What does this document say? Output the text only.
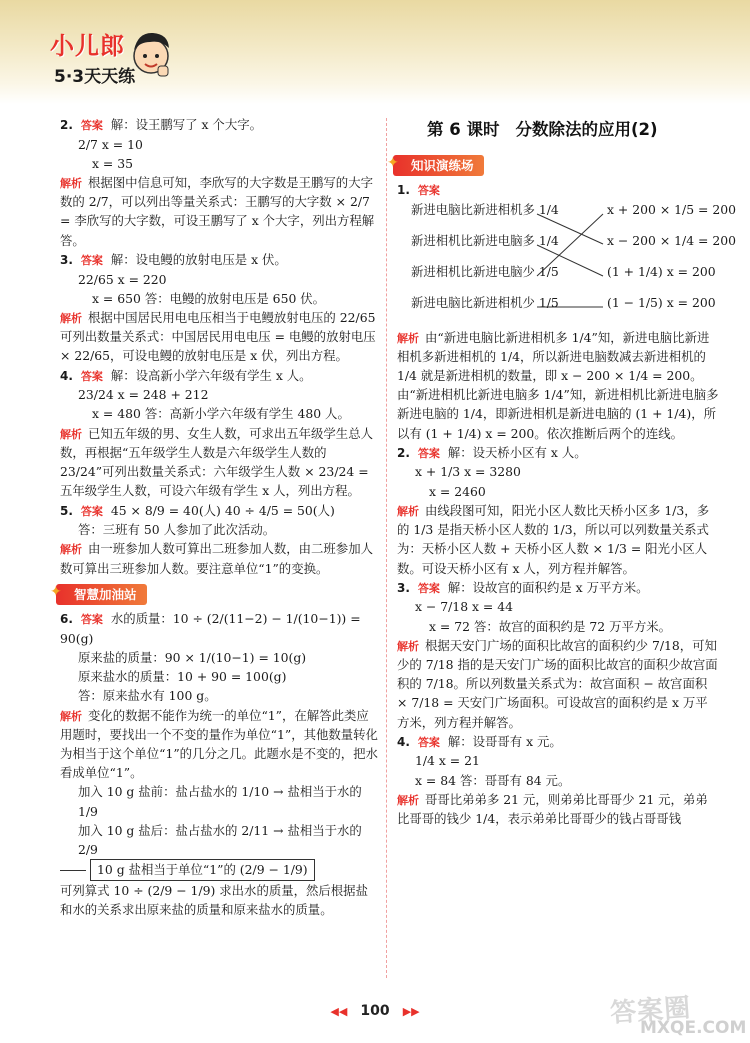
小儿郎
5·3天天练

2. 答案 解：设王鹏写了 x 个大字。

2/7 x = 10

x = 35

解析 根据图中信息可知，李欣写的大字数是王鹏写的大字数的 2/7，可以列出等量关系式：王鹏写的大字数 × 2/7 = 李欣写的大字数，可设王鹏写了 x 个大字，列出方程解答。

3. 答案 解：设电鳗的放射电压是 x 伏。

22/65 x = 220

x = 650 答：电鳗的放射电压是 650 伏。

解析 根据中国居民用电电压相当于电鳗放射电压的 22/65 可列出数量关系式：中国居民用电电压 = 电鳗的放射电压 × 22/65，可设电鳗的放射电压是 x 伏，列出方程。

4. 答案 解：设高新小学六年级有学生 x 人。

23/24 x = 248 + 212

x = 480 答：高新小学六年级有学生 480 人。

解析 已知五年级的男、女生人数，可求出五年级学生总人数，再根据“五年级学生人数是六年级学生人数的 23/24”可列出数量关系式：六年级学生人数 × 23/24 = 五年级学生人数，可设六年级有学生 x 人，列出方程。

5. 答案 45 × 8/9 = 40(人) 40 ÷ 4/5 = 50(人)

答：三班有 50 人参加了此次活动。

解析 由一班参加人数可算出二班参加人数，由二班参加人数可算出三班参加人数。要注意单位“1”的变换。

✦ 智慧加油站

6. 答案 水的质量：10 ÷ (2/(11−2) − 1/(10−1)) = 90(g)

原来盐的质量：90 × 1/(10−1) = 10(g)

原来盐水的质量：10 + 90 = 100(g)

答：原来盐水有 100 g。

解析 变化的数据不能作为统一的单位“1”，在解答此类应用题时，要找出一个不变的量作为单位“1”，其他数量转化为相当于这个单位“1”的几分之几。此题水是不变的，把水看成单位“1”。

加入 10 g 盐前：盐占盐水的 1/10 → 盐相当于水的 1/9

加入 10 g 盐后：盐占盐水的 2/11 → 盐相当于水的 2/9

10 g 盐相当于单位“1”的 (2/9 − 1/9)

可列算式 10 ÷ (2/9 − 1/9) 求出水的质量，然后根据盐和水的关系求出原来盐的质量和原来盐水的质量。

第 6 课时 分数除法的应用(2)
✦ 知识演练场

1. 答案

新进电脑比新进相机多 1/4	x + 200 × 1/5 = 200
新进相机比新进电脑多 1/4	x − 200 × 1/4 = 200
新进相机比新进电脑少 1/5	(1 + 1/4) x = 200
新进电脑比新进相机少 1/5	(1 − 1/5) x = 200

解析 由“新进电脑比新进相机多 1/4”知，新进电脑比新进相机多新进相机的 1/4，所以新进电脑数减去新进相机的 1/4 就是新进相机的数量，即 x − 200 × 1/4 = 200。由“新进相机比新进电脑多 1/4”知，新进相机比新进电脑多新进电脑的 1/4，即新进相机是新进电脑的 (1 + 1/4)，所以有 (1 + 1/4) x = 200。依次推断后两个的连线。

2. 答案 解：设天桥小区有 x 人。

x + 1/3 x = 3280

x = 2460

解析 由线段图可知，阳光小区人数比天桥小区多 1/3，多的 1/3 是指天桥小区人数的 1/3，所以可以列数量关系式为：天桥小区人数 + 天桥小区人数 × 1/3 = 阳光小区人数。可设天桥小区有 x 人，列方程并解答。

3. 答案 解：设故宫的面积约是 x 万平方米。

x − 7/18 x = 44

x = 72 答：故宫的面积约是 72 万平方米。

解析 根据天安门广场的面积比故宫的面积约少 7/18，可知少的 7/18 指的是天安门广场的面积比故宫的面积少故宫面积的 7/18。所以列数量关系式为：故宫面积 − 故宫面积 × 7/18 = 天安门广场面积。可设故宫的面积约是 x 万平方米，列方程并解答。

4. 答案 解：设哥哥有 x 元。

1/4 x = 21

x = 84 答：哥哥有 84 元。

解析 哥哥比弟弟多 21 元，则弟弟比哥哥少 21 元，弟弟比哥哥的钱少 1/4，表示弟弟比哥哥少的钱占哥哥钱

◀◀ 100 ▶▶	答案圈
MXQE.COM
